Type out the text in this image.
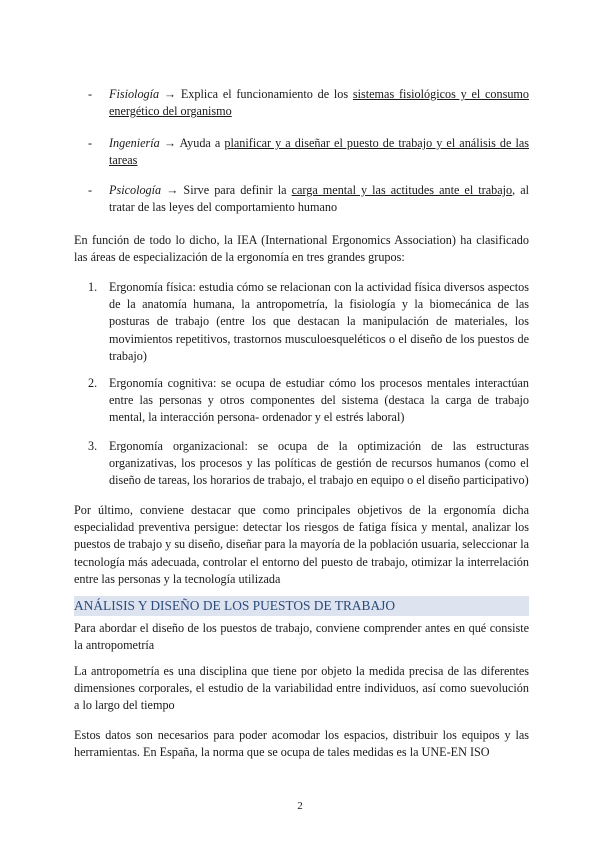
-	Fisiología → Explica el funcionamiento de los sistemas fisiológicos y el consumo energético del organismo
-	Ingeniería → Ayuda a planificar y a diseñar el puesto de trabajo y el análisis de las tareas
-	Psicología → Sirve para definir la carga mental y las actitudes ante el trabajo, al tratar de las leyes del comportamiento humano

En función de todo lo dicho, la IEA (International Ergonomics Association) ha clasificado las áreas de especialización de la ergonomía en tres grandes grupos:

1. Ergonomía física: estudia cómo se relacionan con la actividad física diversos aspectos de la anatomía humana, la antropometría, la fisiología y la biomecánica de las posturas de trabajo (entre los que destacan la manipulación de materiales, los movimientos repetitivos, trastornos musculoesqueléticos o el diseño de los puestos de trabajo)
2. Ergonomía cognitiva: se ocupa de estudiar cómo los procesos mentales interactúan entre las personas y otros componentes del sistema (destaca la carga de trabajo mental, la interacción persona- ordenador y el estrés laboral)
3. Ergonomía organizacional: se ocupa de la optimización de las estructuras organizativas, los procesos y las políticas de gestión de recursos humanos (como el diseño de tareas, los horarios de trabajo, el trabajo en equipo o el diseño participativo)

Por último, conviene destacar que como principales objetivos de la ergonomía dicha especialidad preventiva persigue: detectar los riesgos de fatiga física y mental, analizar los puestos de trabajo y su diseño, diseñar para la mayoría de la población usuaria, seleccionar la tecnología más adecuada, controlar el entorno del puesto de trabajo, otimizar la interrelación entre las personas y la tecnología utilizada

ANÁLISIS Y DISEÑO DE LOS PUESTOS DE TRABAJO

Para abordar el diseño de los puestos de trabajo, conviene comprender antes en qué consiste la antropometría

La antropometría es una disciplina que tiene por objeto la medida precisa de las diferentes dimensiones corporales, el estudio de la variabilidad entre individuos, así como suevolución a lo largo del tiempo

Estos datos son necesarios para poder acomodar los espacios, distribuir los equipos y las herramientas. En España, la norma que se ocupa de tales medidas es la UNE-EN ISO

2
